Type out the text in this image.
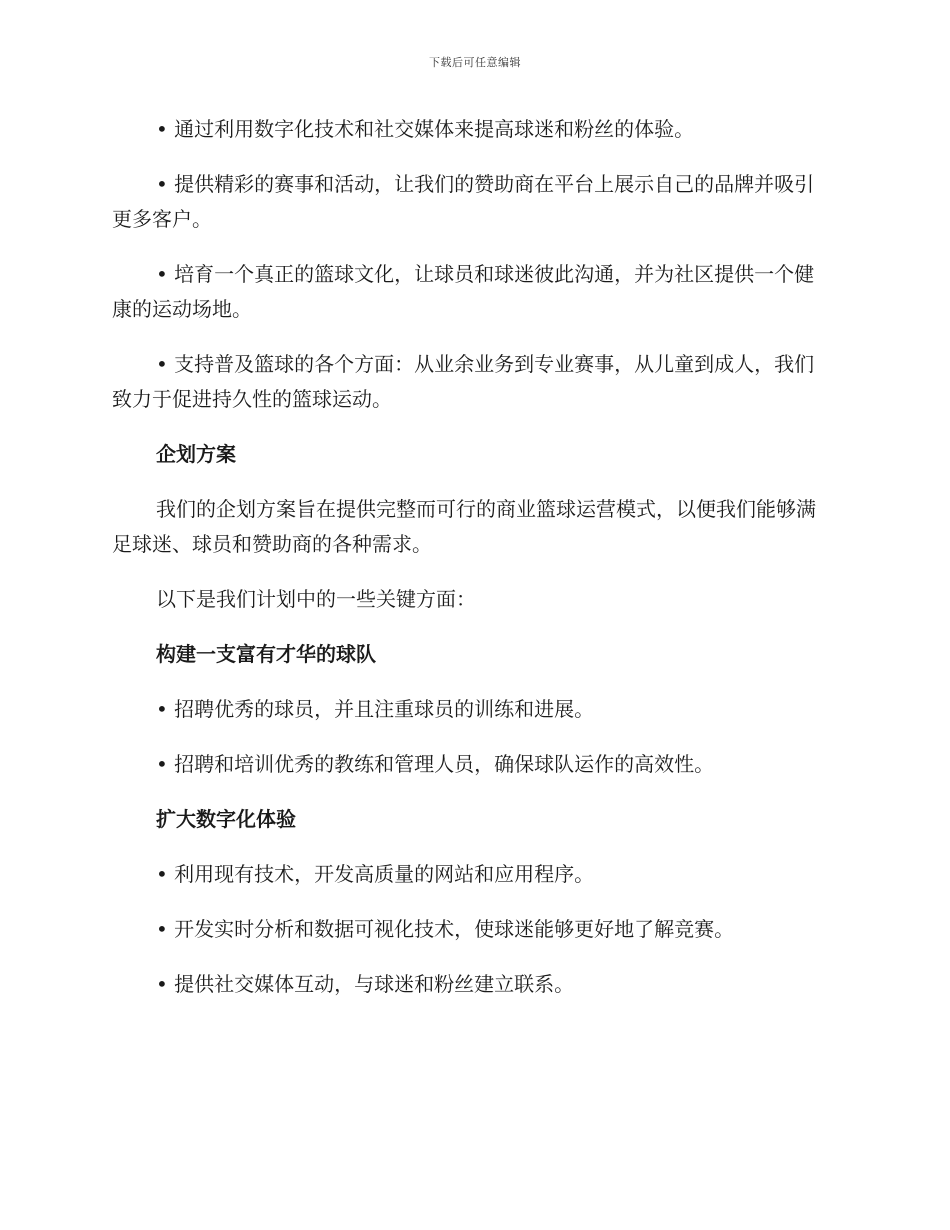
下载后可任意编辑

• 通过利用数字化技术和社交媒体来提高球迷和粉丝的体验。

• 提供精彩的赛事和活动，让我们的赞助商在平台上展示自己的品牌并吸引更多客户。

• 培育一个真正的篮球文化，让球员和球迷彼此沟通，并为社区提供一个健康的运动场地。

• 支持普及篮球的各个方面：从业余业务到专业赛事，从儿童到成人，我们致力于促进持久性的篮球运动。

企划方案

我们的企划方案旨在提供完整而可行的商业篮球运营模式，以便我们能够满足球迷、球员和赞助商的各种需求。

以下是我们计划中的一些关键方面：

构建一支富有才华的球队

• 招聘优秀的球员，并且注重球员的训练和进展。

• 招聘和培训优秀的教练和管理人员，确保球队运作的高效性。

扩大数字化体验

• 利用现有技术，开发高质量的网站和应用程序。

• 开发实时分析和数据可视化技术，使球迷能够更好地了解竞赛。

• 提供社交媒体互动，与球迷和粉丝建立联系。
